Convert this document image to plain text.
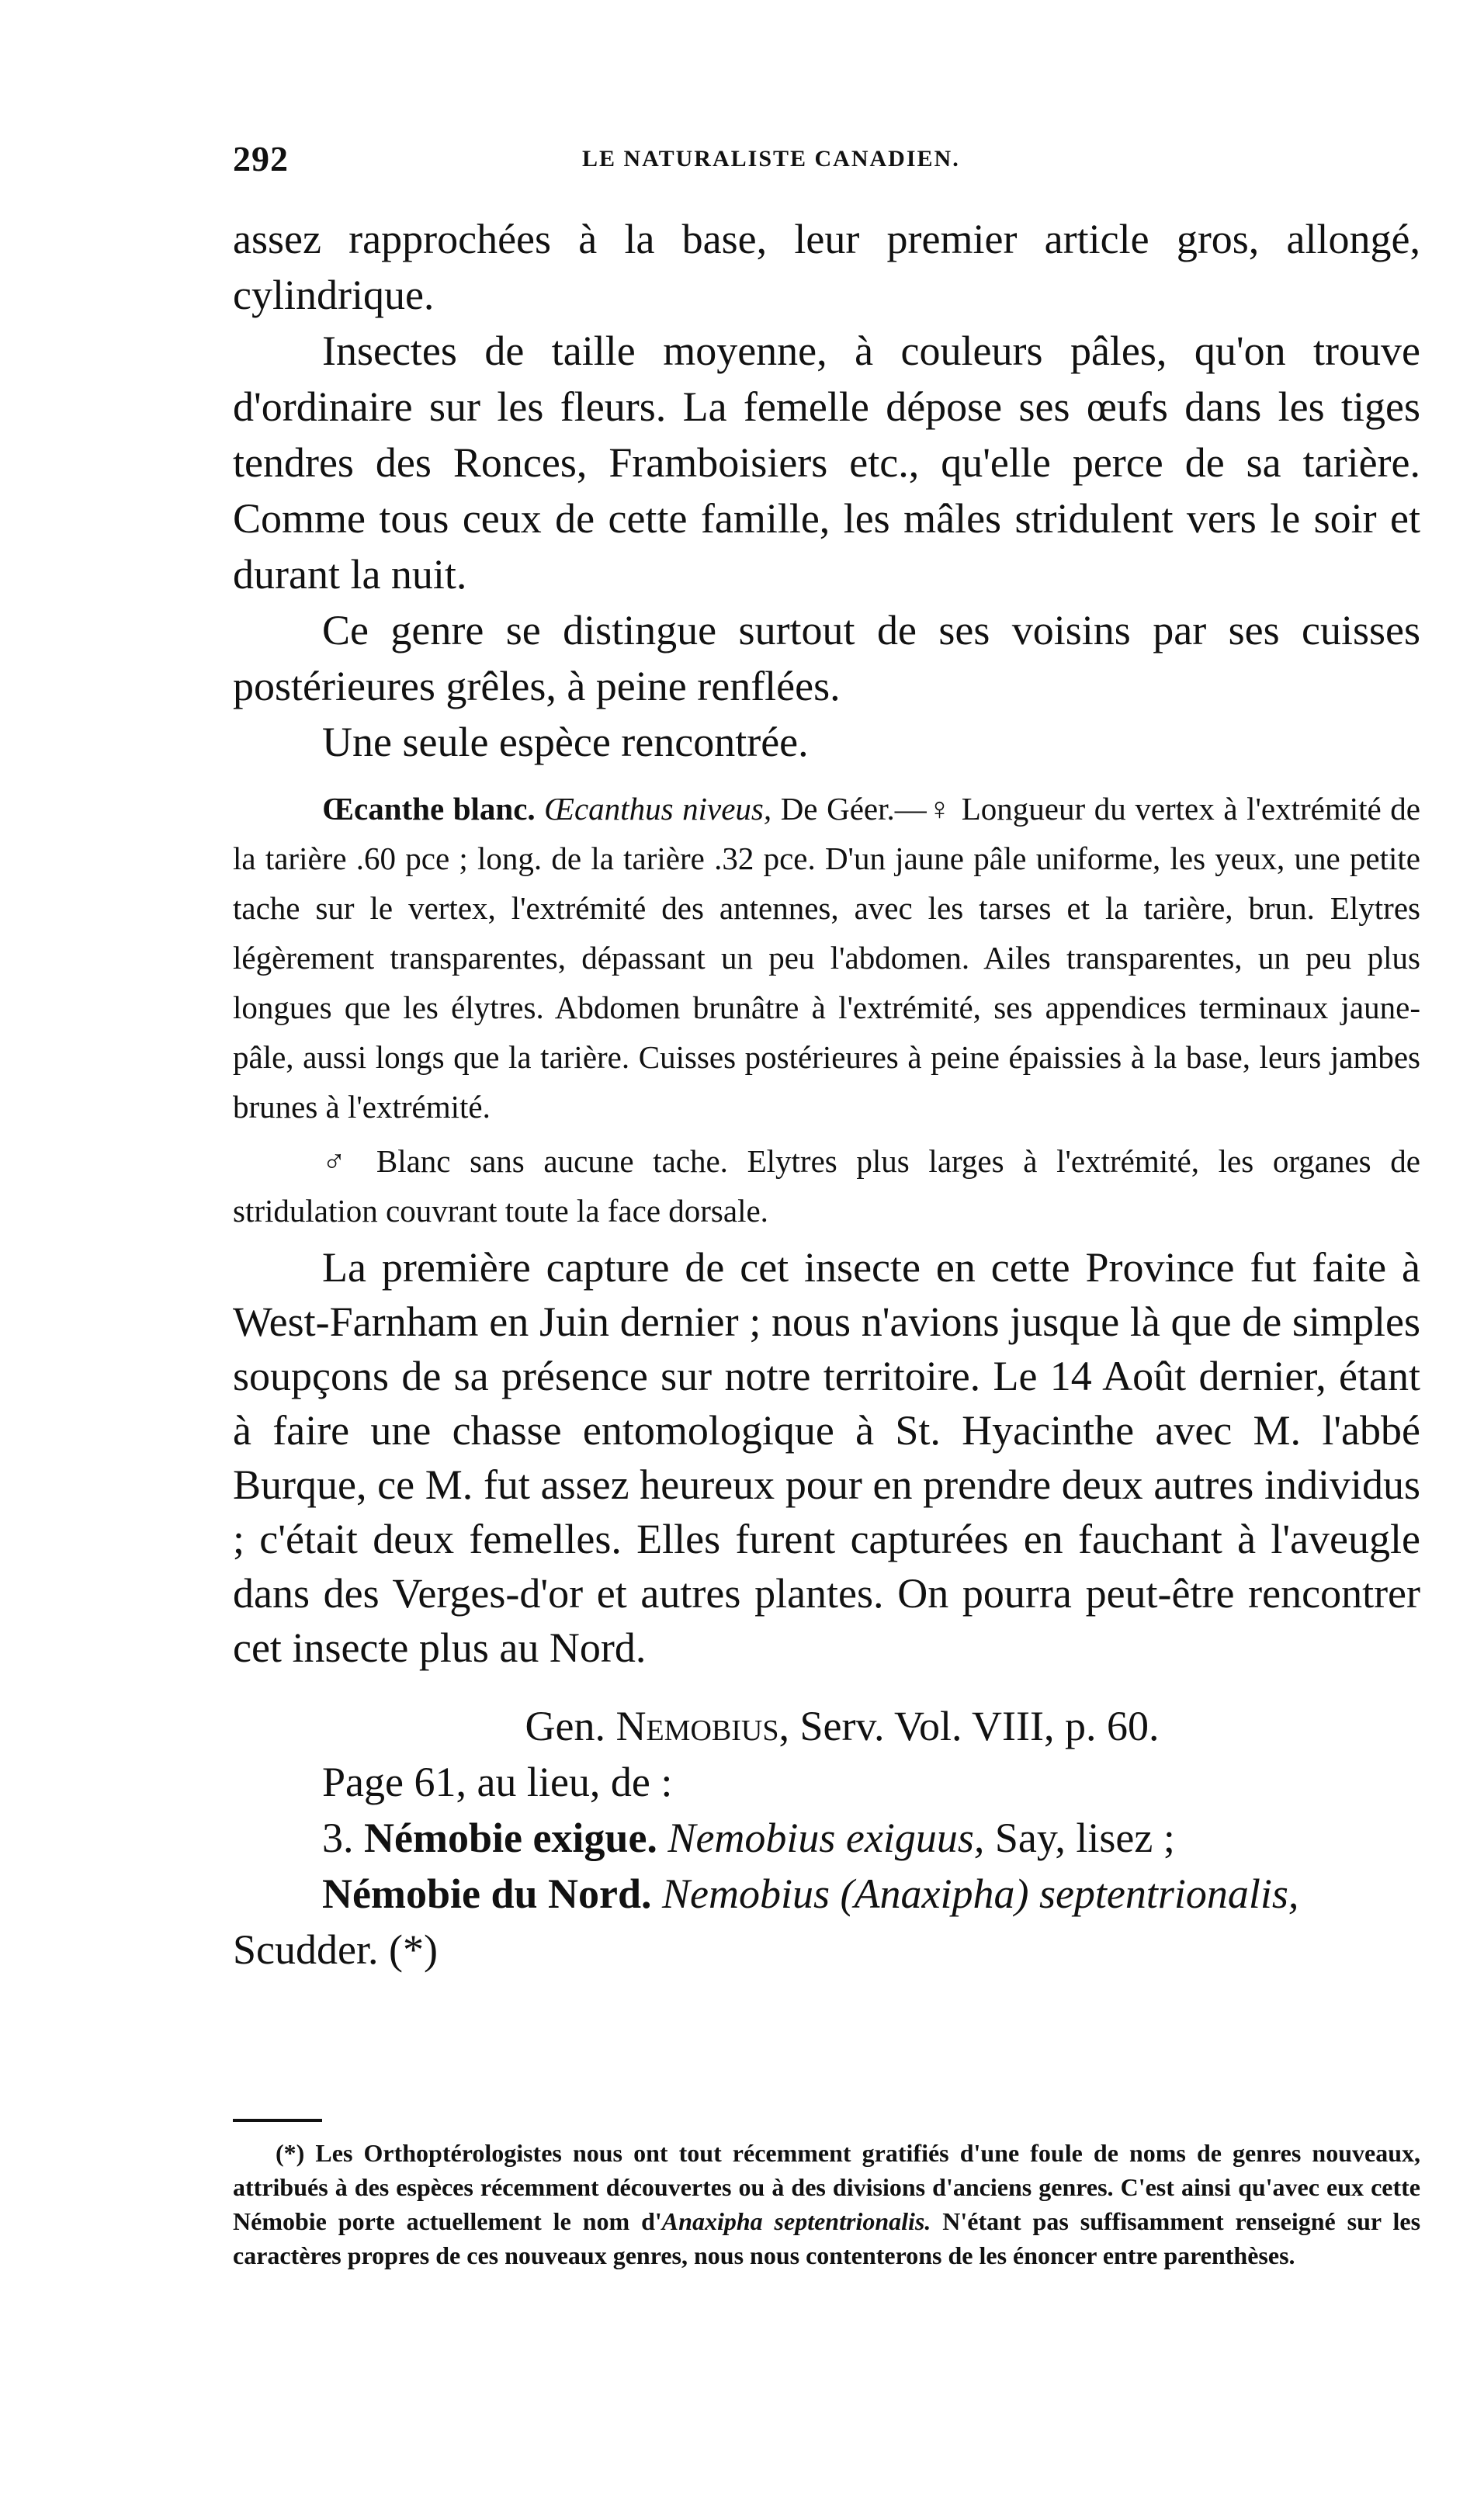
292	LE NATURALISTE CANADIEN.

assez rapprochées à la base, leur premier article gros, allongé, cylindrique.

Insectes de taille moyenne, à couleurs pâles, qu'on trouve d'ordinaire sur les fleurs. La femelle dépose ses œufs dans les tiges tendres des Ronces, Framboisiers etc., qu'elle perce de sa tarière. Comme tous ceux de cette famille, les mâles stridulent vers le soir et durant la nuit.

Ce genre se distingue surtout de ses voisins par ses cuisses postérieures grêles, à peine renflées.

Une seule espèce rencontrée.

Œcanthe blanc. Œcanthus niveus, De Géer.—♀ Longueur du vertex à l'extrémité de la tarière .60 pce ; long. de la tarière .32 pce. D'un jaune pâle uniforme, les yeux, une petite tache sur le vertex, l'extrémité des antennes, avec les tarses et la tarière, brun. Elytres légèrement transparentes, dépassant un peu l'abdomen. Ailes transparentes, un peu plus longues que les élytres. Abdomen brunâtre à l'extrémité, ses appendices terminaux jaune-pâle, aussi longs que la tarière. Cuisses postérieures à peine épaissies à la base, leurs jambes brunes à l'extrémité.

♂ Blanc sans aucune tache. Elytres plus larges à l'extrémité, les organes de stridulation couvrant toute la face dorsale.

La première capture de cet insecte en cette Province fut faite à West-Farnham en Juin dernier ; nous n'avions jusque là que de simples soupçons de sa présence sur notre territoire. Le 14 Août dernier, étant à faire une chasse entomologique à St. Hyacinthe avec M. l'abbé Burque, ce M. fut assez heureux pour en prendre deux autres individus ; c'était deux femelles. Elles furent capturées en fauchant à l'aveugle dans des Verges-d'or et autres plantes. On pourra peut-être rencontrer cet insecte plus au Nord.

Gen. Nemobius, Serv. Vol. VIII, p. 60.

Page 61, au lieu, de :

3. Némobie exigue. Nemobius exiguus, Say, lisez ;

Némobie du Nord. Nemobius (Anaxipha) septentrionalis,

Scudder. (*)

(*) Les Orthoptérologistes nous ont tout récemment gratifiés d'une foule de noms de genres nouveaux, attribués à des espèces récemment découvertes ou à des divisions d'anciens genres. C'est ainsi qu'avec eux cette Némobie porte actuellement le nom d'Anaxipha septentrionalis. N'étant pas suffisamment renseigné sur les caractères propres de ces nouveaux genres, nous nous contenterons de les énoncer entre parenthèses.
